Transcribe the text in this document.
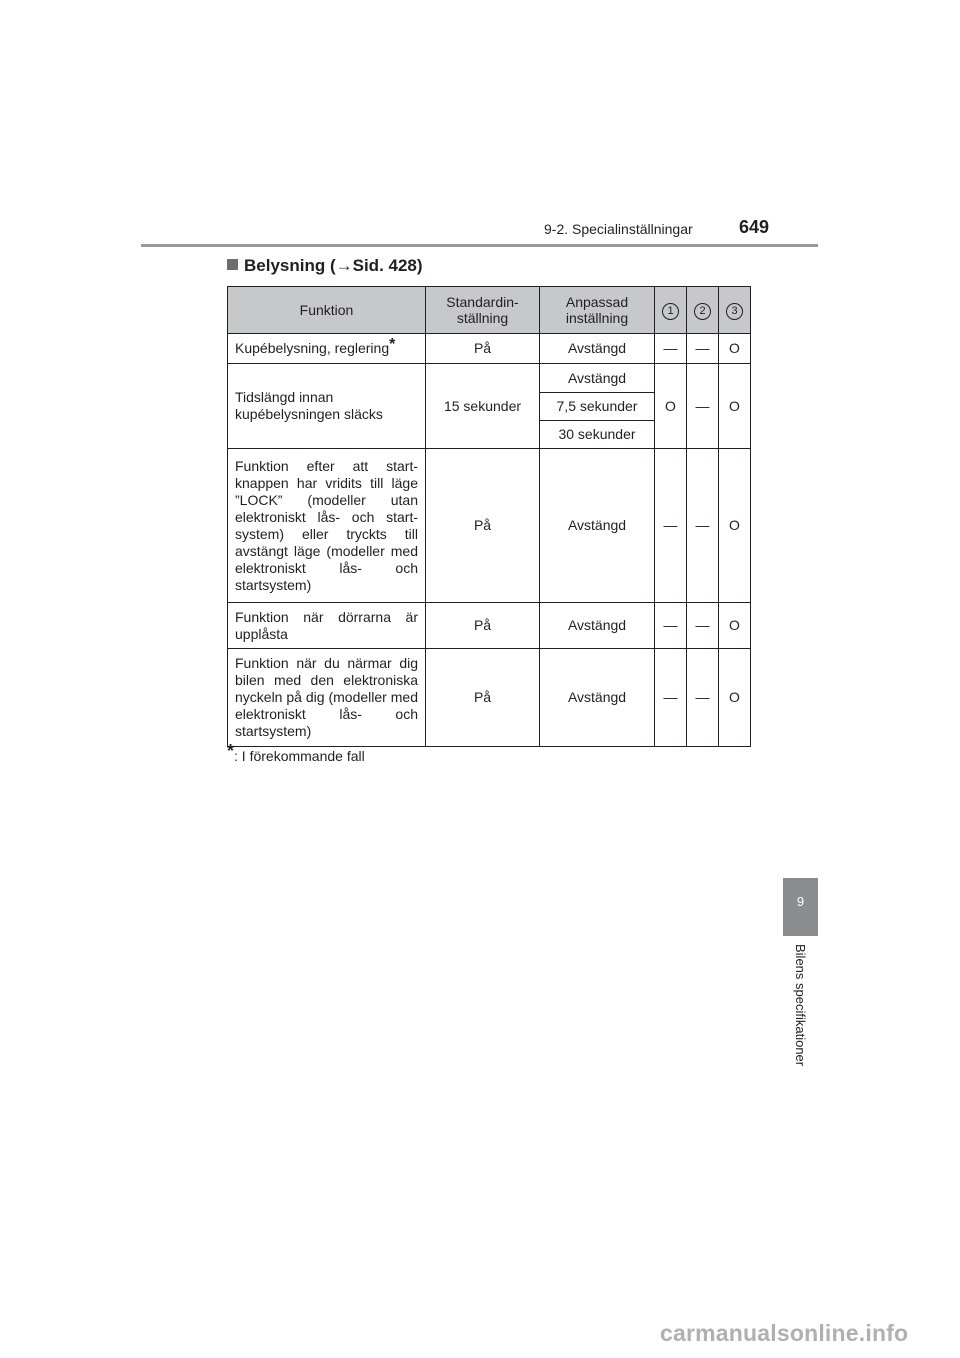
9-2. Specialinställningar	649
Belysning (→Sid. 428)
Funktion	Standardin-ställning	Anpassad inställning	1	2	3
Kupébelysning, reglering*	På	Avstängd	—	—	O
Tidslängd innan kupébelysningen släcks	15 sekunder	Avstängd	O	—	O
		7,5 sekunder			
		30 sekunder			
Funktion efter att start-knappen har vridits till läge ”LOCK” (modeller utan elektroniskt lås- och start-system) eller tryckts till avstängt läge (modeller med elektroniskt lås- och startsystem)	På	Avstängd	—	—	O
Funktion när dörrarna är upplåsta	På	Avstängd	—	—	O
Funktion när du närmar dig bilen med den elektroniska nyckeln på dig (modeller med elektroniskt lås- och startsystem)	På	Avstängd	—	—	O
*: I förekommande fall
9
Bilens specifikationer
carmanualsonline.info
